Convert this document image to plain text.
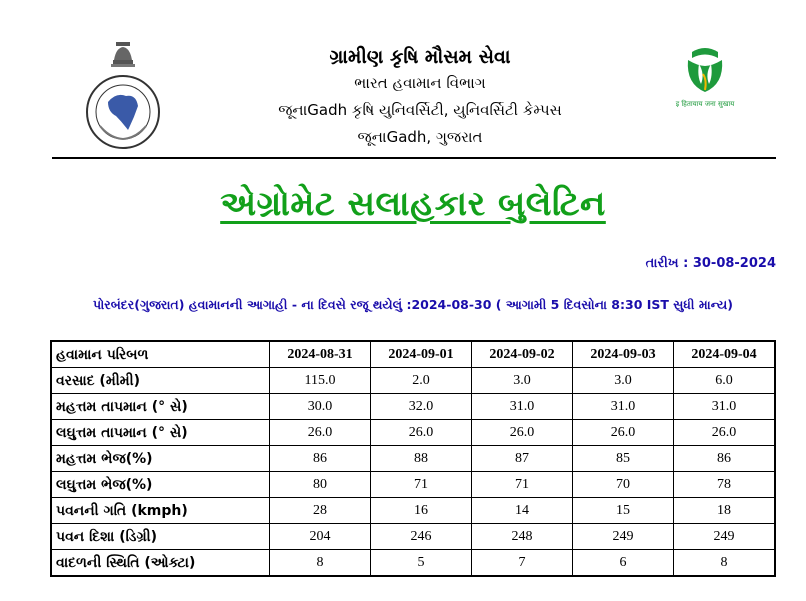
ગ્રામીણ કૃષિ મૌસમ સેવા
ભારત હવામાન વિભાગ
જૂનાGadh કૃષિ યુનિવર્સિટી, યુનિવર્સિટી કેમ્પસ
જૂનાGadh, ગુજરાત
इ हितायाय जना सुखाय
એગ્રોમેટ સલાહકાર બુલેટિન
તારીખ : 30-08-2024
પોરબંદર(ગુજરાત) હવામાનની આગાહી - ના દિવસે રજૂ થયેલું :2024-08-30 ( આગામી 5 દિવસોના 8:30 IST સુધી માન્ય)
હવામાન પરિબળ	2024-08-31	2024-09-01	2024-09-02	2024-09-03	2024-09-04
વરસાદ (મીમી)	115.0	2.0	3.0	3.0	6.0
મહત્તમ તાપમાન (° સે)	30.0	32.0	31.0	31.0	31.0
લઘુત્તમ તાપમાન (° સે)	26.0	26.0	26.0	26.0	26.0
મહત્તમ ભેજ(%)	86	88	87	85	86
લઘુત્તમ ભેજ(%)	80	71	71	70	78
પવનની ગતિ (kmph)	28	16	14	15	18
પવન દિશા (ડિગ્રી)	204	246	248	249	249
વાદળની સ્થિતિ (ઓક્ટા)	8	5	7	6	8
